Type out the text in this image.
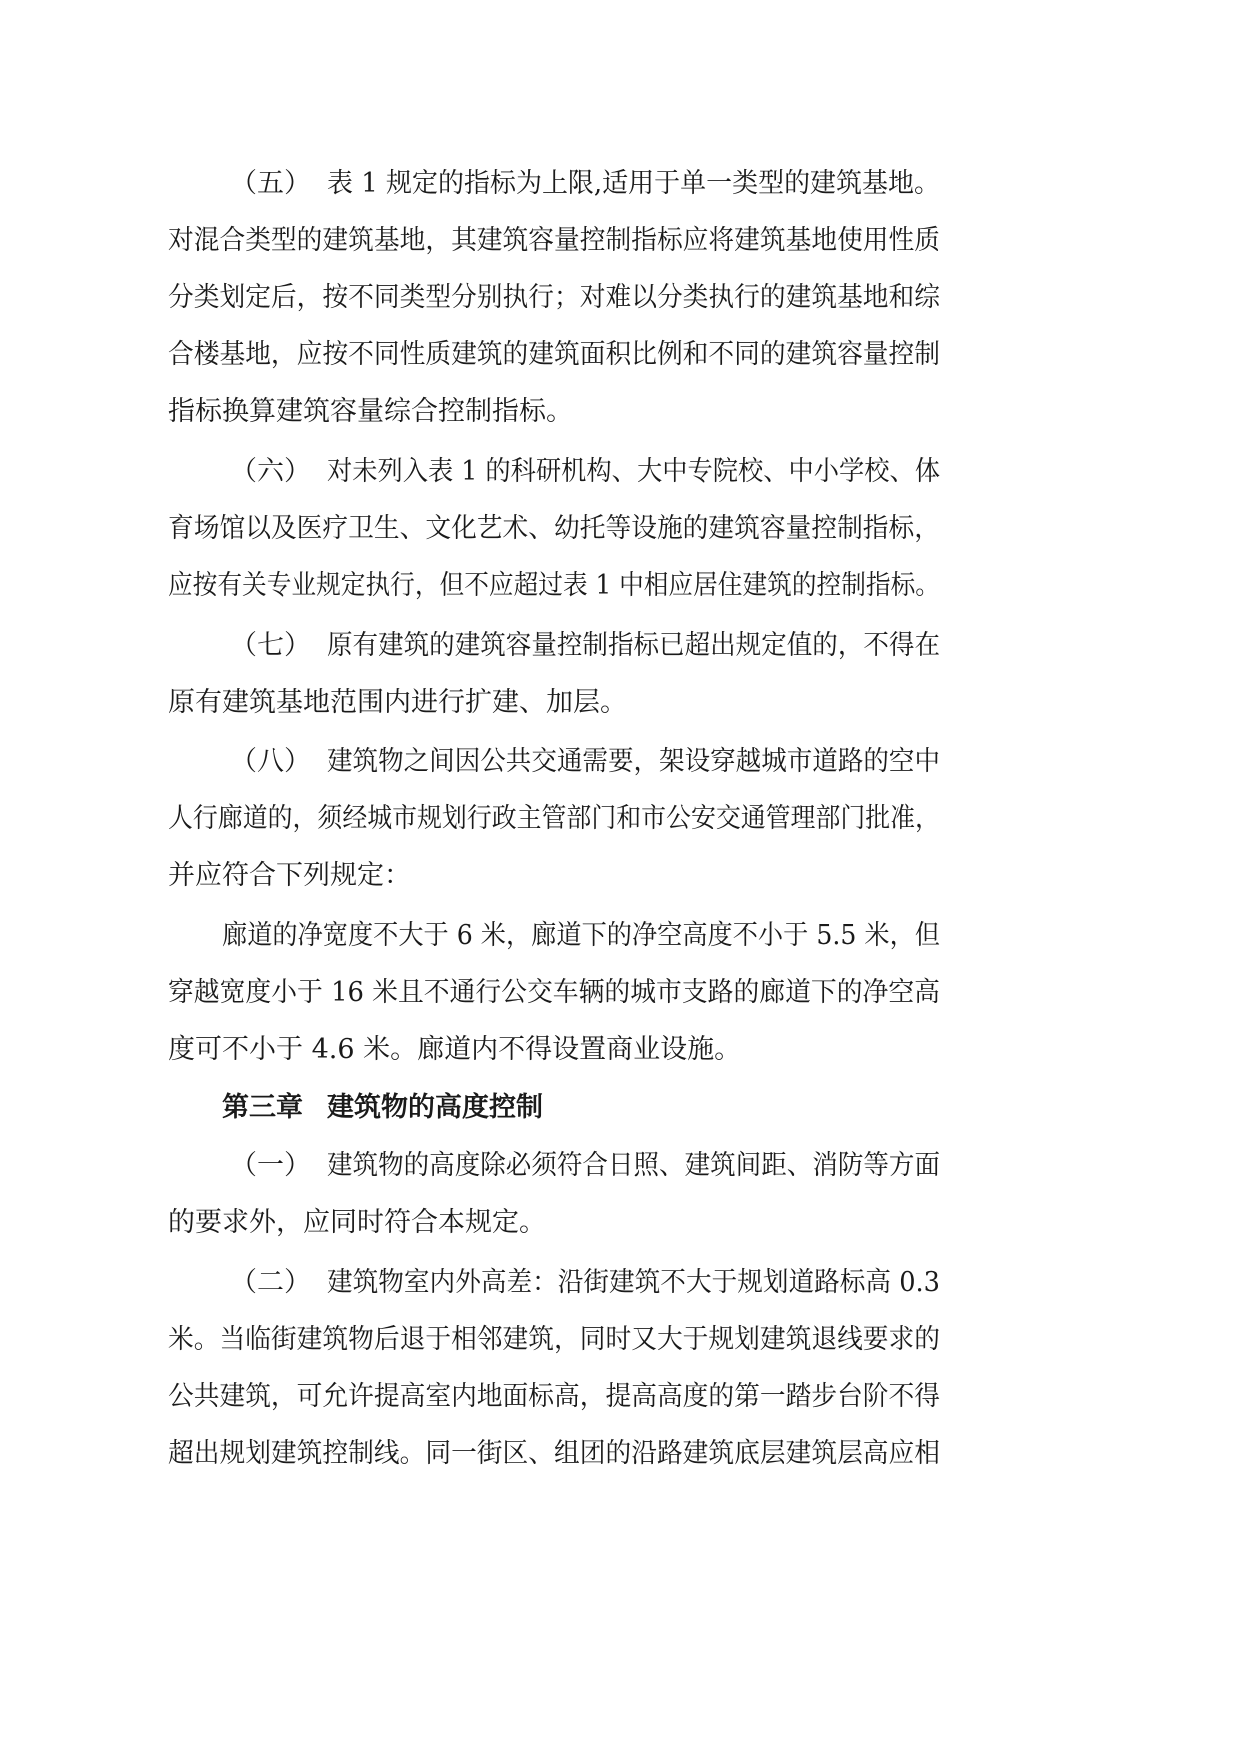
（五） 表 1 规定的指标为上限,适用于单一类型的建筑基地。
对混合类型的建筑基地，其建筑容量控制指标应将建筑基地使用性质
分类划定后，按不同类型分别执行；对难以分类执行的建筑基地和综
合楼基地，应按不同性质建筑的建筑面积比例和不同的建筑容量控制
指标换算建筑容量综合控制指标。
（六） 对未列入表 1 的科研机构、大中专院校、中小学校、体
育场馆以及医疗卫生、文化艺术、幼托等设施的建筑容量控制指标，
应按有关专业规定执行，但不应超过表 1 中相应居住建筑的控制指标。
（七） 原有建筑的建筑容量控制指标已超出规定值的，不得在
原有建筑基地范围内进行扩建、加层。
（八） 建筑物之间因公共交通需要，架设穿越城市道路的空中
人行廊道的，须经城市规划行政主管部门和市公安交通管理部门批准，
并应符合下列规定：
廊道的净宽度不大于 6 米，廊道下的净空高度不小于 5.5 米，但
穿越宽度小于 16 米且不通行公交车辆的城市支路的廊道下的净空高
度可不小于 4.6 米。廊道内不得设置商业设施。
第三章 建筑物的高度控制
（一） 建筑物的高度除必须符合日照、建筑间距、消防等方面
的要求外，应同时符合本规定。
（二） 建筑物室内外高差：沿街建筑不大于规划道路标高 0.3
米。当临街建筑物后退于相邻建筑，同时又大于规划建筑退线要求的
公共建筑，可允许提高室内地面标高，提高高度的第一踏步台阶不得
超出规划建筑控制线。同一街区、组团的沿路建筑底层建筑层高应相
